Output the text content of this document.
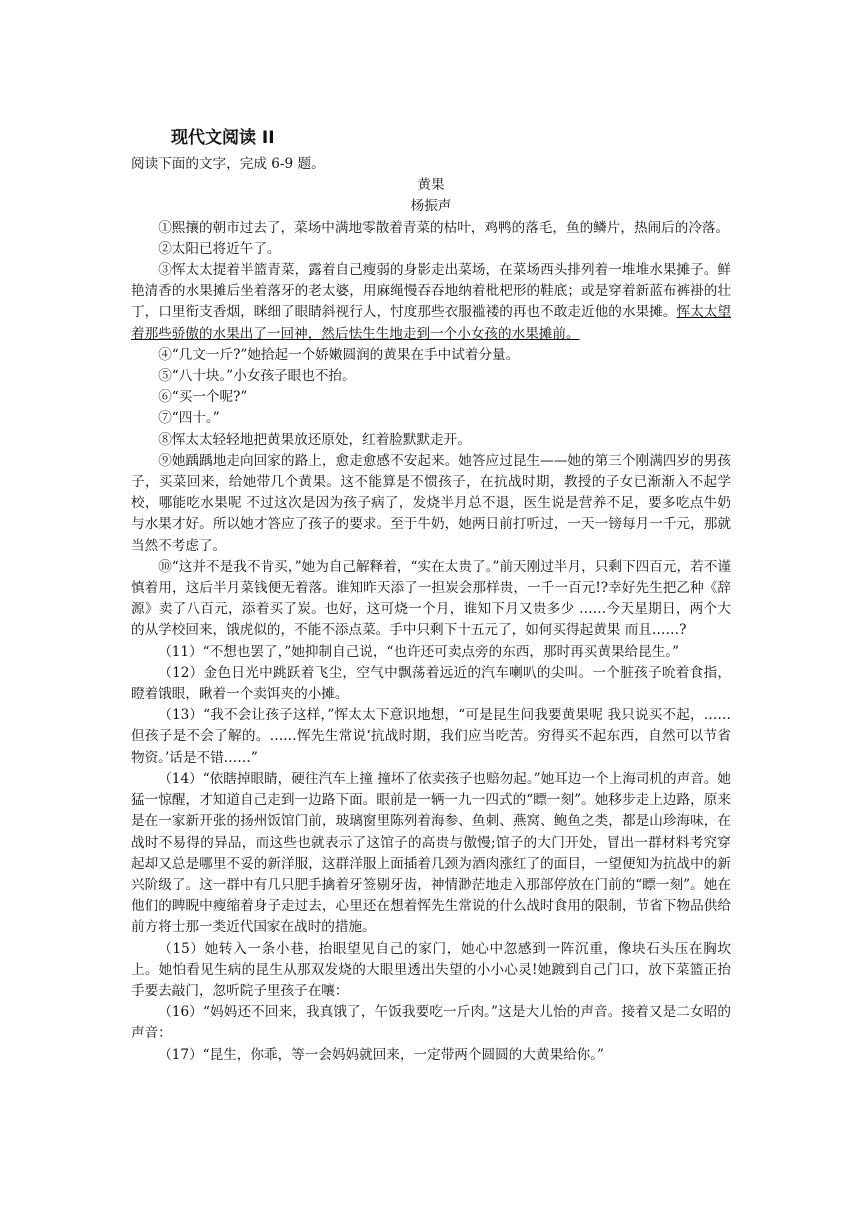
现代文阅读 II

阅读下面的文字，完成 6-9 题。

黄果

杨振声

①熙攘的朝市过去了，菜场中满地零散着青菜的枯叶，鸡鸭的落毛，鱼的鳞片，热闹后的冷落。

②太阳已将近午了。

③恽太太提着半篮青菜，露着自己瘦弱的身影走出菜场，在菜场西头排列着一堆堆水果摊子。鲜艳清香的水果摊后坐着落牙的老太婆，用麻绳慢吞吞地纳着枇杷形的鞋底；或是穿着新蓝布裤褂的壮丁，口里衔支香烟，眯细了眼睛斜视行人，忖度那些衣服褴褛的再也不敢走近他的水果摊。恽太太望着那些骄傲的水果出了一回神，然后怯生生地走到一个小女孩的水果摊前。

④“几文一斤?”她拾起一个娇嫩圆润的黄果在手中试着分量。

⑤“八十块。”小女孩子眼也不抬。

⑥“买一个呢?”

⑦“四十。”

⑧恽太太轻轻地把黄果放还原处，红着脸默默走开。

⑨她踽踽地走向回家的路上，愈走愈感不安起来。她答应过昆生——她的第三个刚满四岁的男孩子，买菜回来，给她带几个黄果。这不能算是不惯孩子，在抗战时期，教授的子女已渐渐入不起学校，哪能吃水果呢 不过这次是因为孩子病了，发烧半月总不退，医生说是营养不足，要多吃点牛奶与水果才好。所以她才答应了孩子的要求。至于牛奶，她两日前打听过，一天一镑每月一千元，那就当然不考虑了。

⑩“这并不是我不肯买，”她为自己解释着，“实在太贵了。”前天刚过半月，只剩下四百元，若不谨慎着用，这后半月菜钱便无着落。谁知昨天添了一担炭会那样贵，一千一百元!?幸好先生把乙种《辞源》卖了八百元，添着买了炭。也好，这可烧一个月，谁知下月又贵多少 ……今天星期日，两个大的从学校回来，饿虎似的，不能不添点菜。手中只剩下十五元了，如何买得起黄果 而且……?

（11）“不想也罢了，”她抑制自己说，“也许还可卖点旁的东西，那时再买黄果给昆生。”

（12）金色日光中跳跃着飞尘，空气中飘荡着远近的汽车喇叭的尖叫。一个脏孩子吮着食指，瞪着饿眼，瞅着一个卖饵夹的小摊。

（13）“我不会让孩子这样，”恽太太下意识地想，“可是昆生问我要黄果呢 我只说买不起，……但孩子是不会了解的。……恽先生常说‘抗战时期，我们应当吃苦。穷得买不起东西，自然可以节省物资。’话是不错……”

（14）“依瞎掉眼睛，硬往汽车上撞 撞坏了依卖孩子也赔勿起。”她耳边一个上海司机的声音。她猛一惊醒，才知道自己走到一边路下面。眼前是一辆一九一四式的“瞟一刻”。她移步走上边路，原来是在一家新开张的扬州饭馆门前，玻璃窗里陈列着海参、鱼刺、燕窝、鲍鱼之类，都是山珍海味，在战时不易得的异品，而这些也就表示了这馆子的高贵与傲慢;馆子的大门开处，冒出一群材料考究穿起却又总是哪里不妥的新洋服，这群洋服上面插着几颈为酒肉涨红了的面目，一望便知为抗战中的新兴阶级了。这一群中有几只肥手擒着牙签剔牙齿，神情渺茫地走入那部停放在门前的“瞟一刻”。她在他们的睥睨中瘦缩着身子走过去，心里还在想着恽先生常说的什么战时食用的限制，节省下物品供给前方将士那一类近代国家在战时的措施。

（15）她转入一条小巷，抬眼望见自己的家门，她心中忽感到一阵沉重，像块石头压在胸坎上。她怕看见生病的昆生从那双发烧的大眼里透出失望的小小心灵!她踱到自己门口，放下菜篮正抬手要去敲门，忽听院子里孩子在嚷：

（16）“妈妈还不回来，我真饿了，午饭我要吃一斤肉。”这是大儿怡的声音。接着又是二女昭的声音：

（17）“昆生，你乖，等一会妈妈就回来，一定带两个圆圆的大黄果给你。”
